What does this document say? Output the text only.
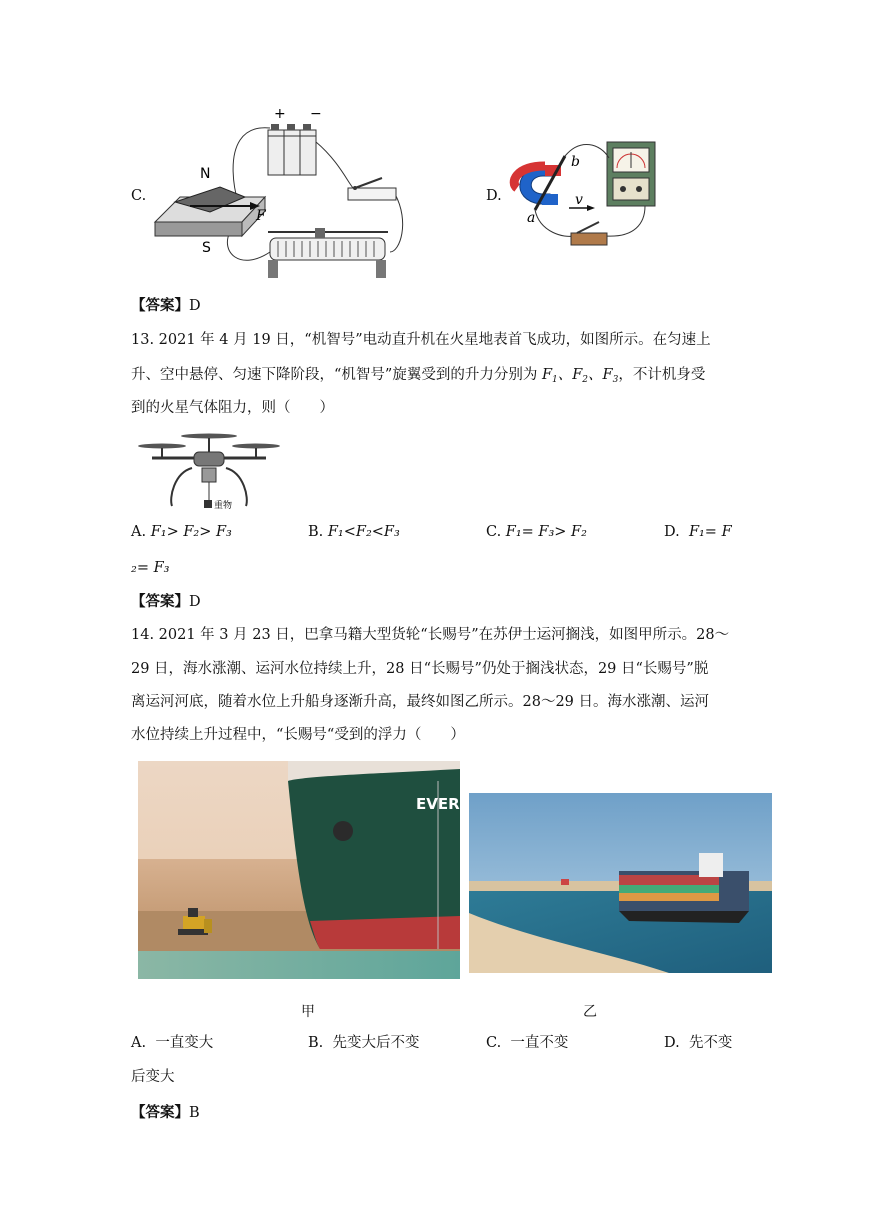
C.
+ −
N
S
F
D.
a
b
v
【答案】D
13. 2021 年 4 月 19 日，“机智号”电动直升机在火星地表首飞成功，如图所示。在匀速上
升、空中悬停、匀速下降阶段，“机智号”旋翼受到的升力分别为 $F_1$、$F_2$、$F_3$，不计机身受
到的火星气体阻力，则（　　）
重物
A. F₁> F₂> F₃	B. F₁<F₂<F₃	C. F₁= F₃> F₂	D. F₁= F
₂= F₃
【答案】D
14. 2021 年 3 月 23 日，巴拿马籍大型货轮“长赐号”在苏伊士运河搁浅，如图甲所示。28～
29 日，海水涨潮、运河水位持续上升，28 日“长赐号”仍处于搁浅状态，29 日“长赐号”脱
离运河河底，随着水位上升船身逐渐升高，最终如图乙所示。28～29 日。海水涨潮、运河
水位持续上升过程中，“长赐号“受到的浮力（　　）
EVER
甲	乙
A. 一直变大	B. 先变大后不变	C. 一直不变	D. 先不变
后变大
【答案】B
